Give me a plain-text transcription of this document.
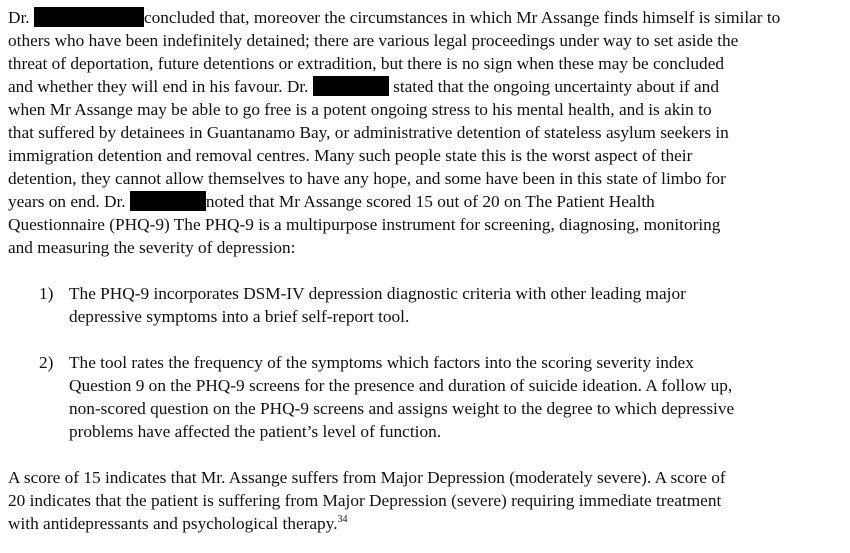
Dr.	concluded that, moreover the circumstances in which Mr Assange finds himself is similar to
others who have been indefinitely detained; there are various legal proceedings under way to set aside the
threat of deportation, future detentions or extradition, but there is no sign when these may be concluded
and whether they will end in his favour. Dr.	stated that the ongoing uncertainty about if and
when Mr Assange may be able to go free is a potent ongoing stress to his mental health, and is akin to
that suffered by detainees in Guantanamo Bay, or administrative detention of stateless asylum seekers in
immigration detention and removal centres. Many such people state this is the worst aspect of their
detention, they cannot allow themselves to have any hope, and some have been in this state of limbo for
years on end. Dr.	noted that Mr Assange scored 15 out of 20 on The Patient Health
Questionnaire (PHQ-9) The PHQ-9 is a multipurpose instrument for screening, diagnosing, monitoring
and measuring the severity of depression:
1) The PHQ-9 incorporates DSM-IV depression diagnostic criteria with other leading major
depressive symptoms into a brief self-report tool.
2) The tool rates the frequency of the symptoms which factors into the scoring severity index
Question 9 on the PHQ-9 screens for the presence and duration of suicide ideation. A follow up,
non-scored question on the PHQ-9 screens and assigns weight to the degree to which depressive
problems have affected the patient’s level of function.
A score of 15 indicates that Mr. Assange suffers from Major Depression (moderately severe). A score of
20 indicates that the patient is suffering from Major Depression (severe) requiring immediate treatment
with antidepressants and psychological therapy.$^{34}$
